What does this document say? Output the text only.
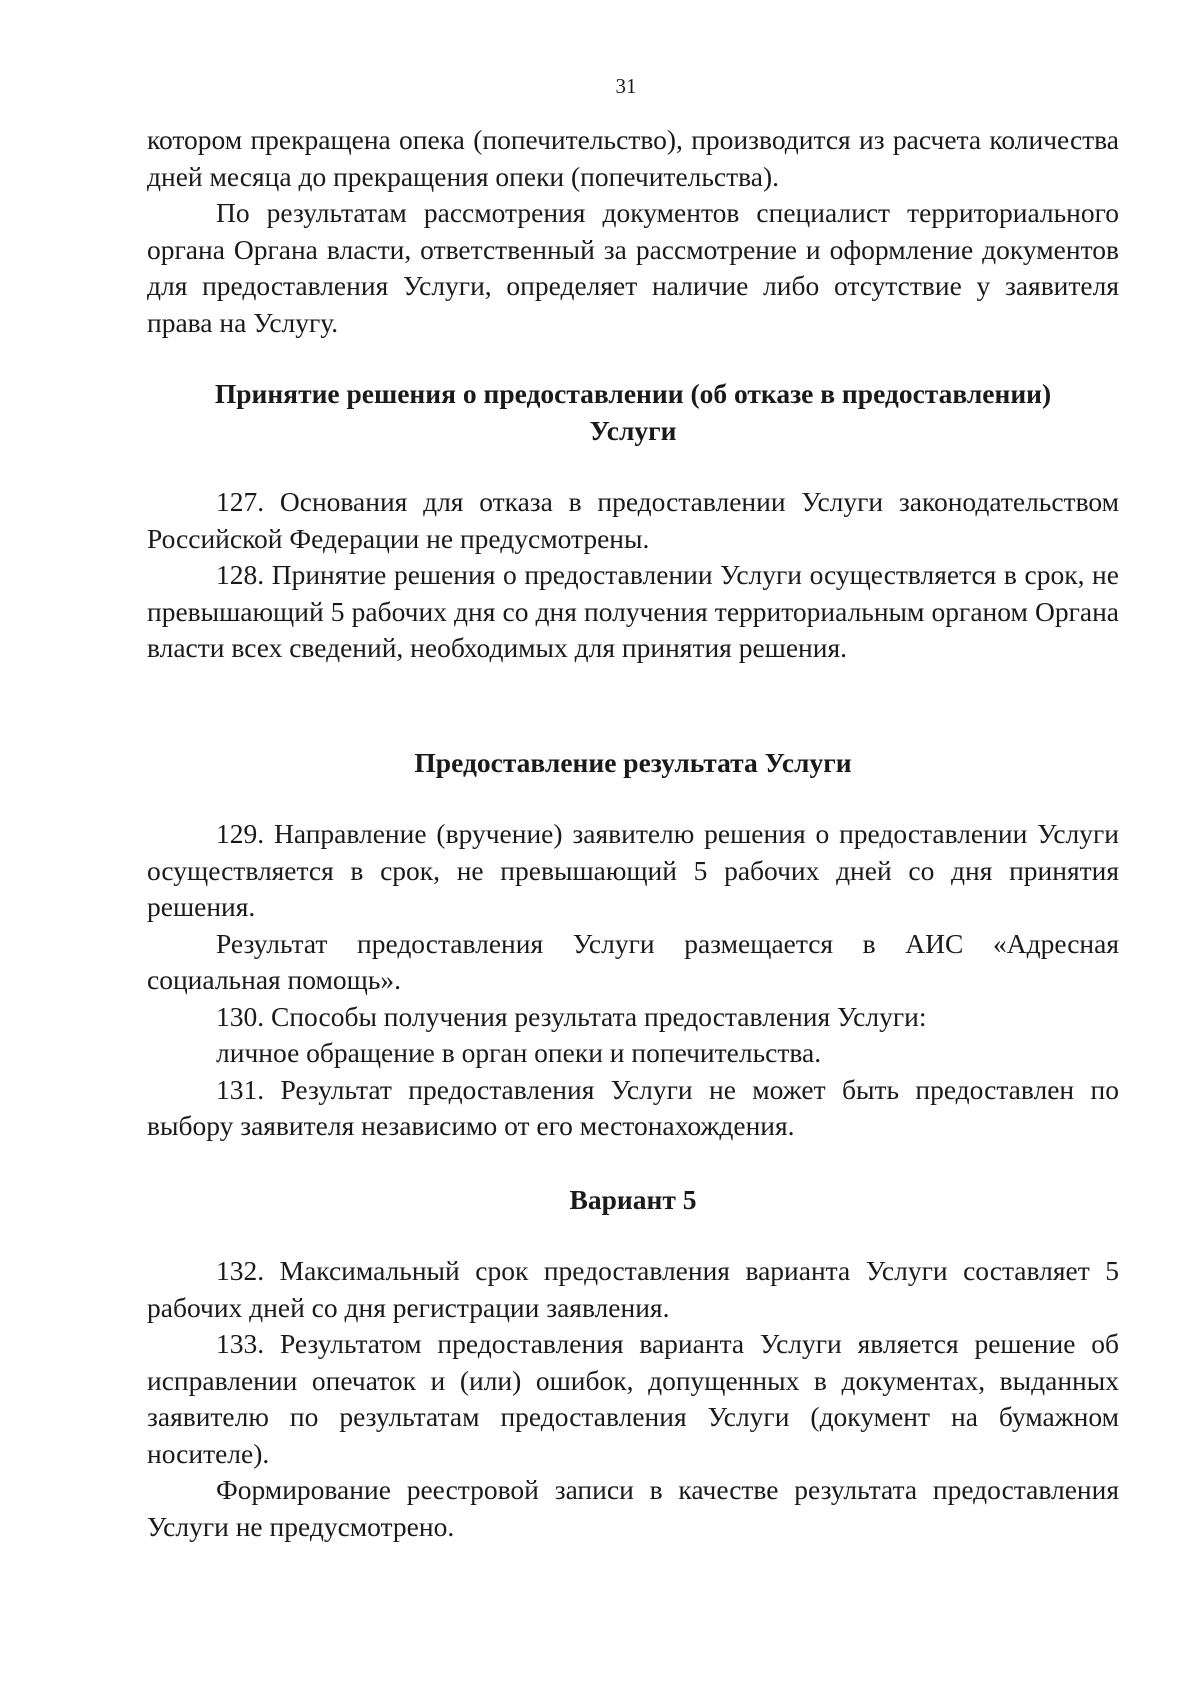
31

котором прекращена опека (попечительство), производится из расчета количества дней месяца до прекращения опеки (попечительства).

По результатам рассмотрения документов специалист территориального органа Органа власти, ответственный за рассмотрение и оформление документов для предоставления Услуги, определяет наличие либо отсутствие у заявителя права на Услугу.

Принятие решения о предоставлении (об отказе в предоставлении)

Услуги

127. Основания для отказа в предоставлении Услуги законодательством Российской Федерации не предусмотрены.

128. Принятие решения о предоставлении Услуги осуществляется в срок, не превышающий 5 рабочих дня со дня получения территориальным органом Органа власти всех сведений, необходимых для принятия решения.

Предоставление результата Услуги

129. Направление (вручение) заявителю решения о предоставлении Услуги осуществляется в срок, не превышающий 5 рабочих дней со дня принятия решения.

Результат предоставления Услуги размещается в АИС «Адресная социальная помощь».

130. Способы получения результата предоставления Услуги:

личное обращение в орган опеки и попечительства.

131. Результат предоставления Услуги не может быть предоставлен по выбору заявителя независимо от его местонахождения.

Вариант 5

132. Максимальный срок предоставления варианта Услуги составляет 5 рабочих дней со дня регистрации заявления.

133. Результатом предоставления варианта Услуги является решение об исправлении опечаток и (или) ошибок, допущенных в документах, выданных заявителю по результатам предоставления Услуги (документ на бумажном носителе).

Формирование реестровой записи в качестве результата предоставления Услуги не предусмотрено.
